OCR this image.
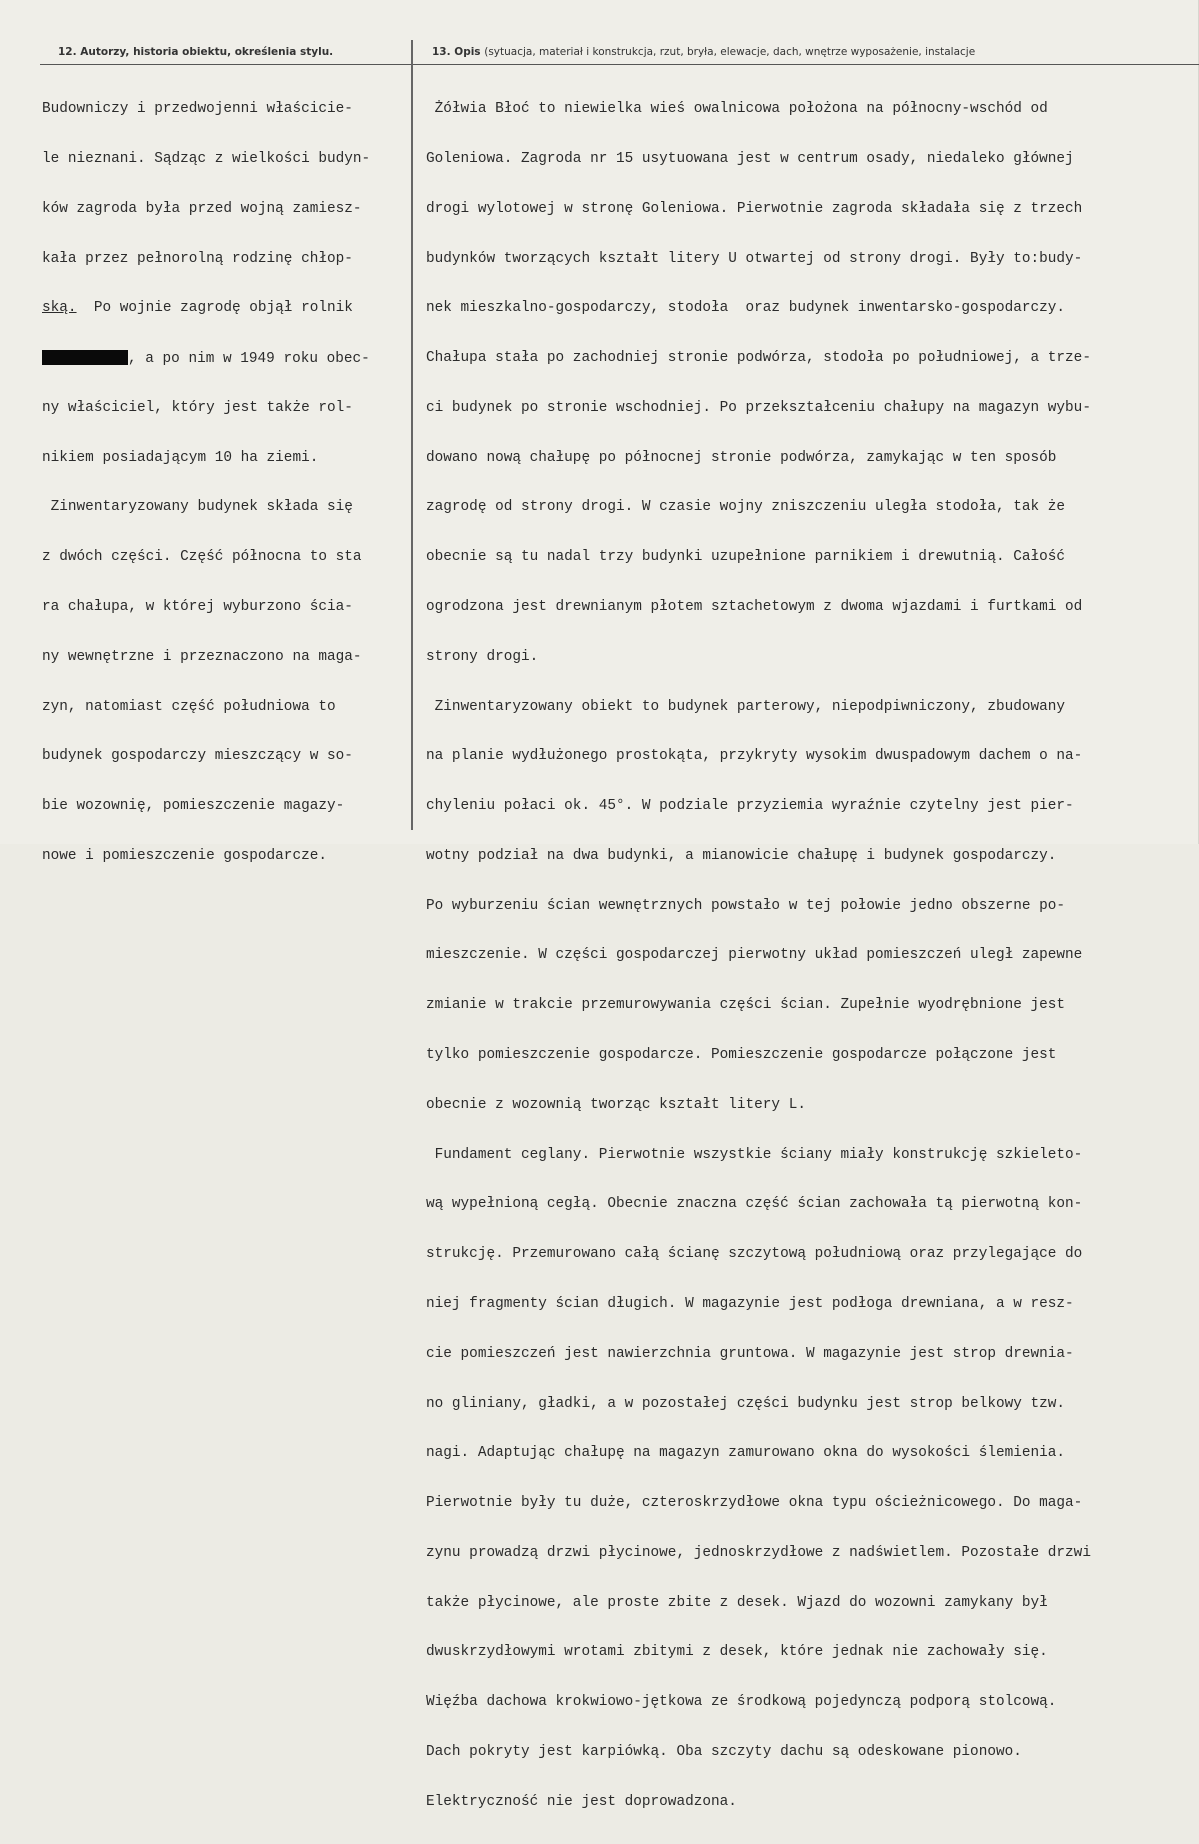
12. Autorzy, historia obiektu, określenia stylu.	13. Opis (sytuacja, materiał i konstrukcja, rzut, bryła, elewacje, dach, wnętrze wyposażenie, instalacje

Budowniczy i przedwojenni właściciе-

le nieznani. Sądząc z wielkości budyn-

ków zagroda była przed wojną zamiesz-

kała przez pełnorolną rodzinę chłop-

ską.  Po wojnie zagrodę objął rolnik

, a po nim w 1949 roku obec-

ny właściciel, który jest także rol-

nikiem posiadającym 10 ha ziemi.

Zinwentaryzowany budynek składa się

z dwóch części. Część północna to sta

ra chałupa, w której wyburzono ścia-

ny wewnętrzne i przeznaczono na maga-

zyn, natomiast część południowa to

budynek gospodarczy mieszczący w so-

bie wozownię, pomieszczenie magazy-

nowe i pomieszczenie gospodarcze.

Żółwia Błoć to niewielka wieś owalnicowa położona na północny-wschód od

Goleniowa. Zagroda nr 15 usytuowana jest w centrum osady, niedaleko głównej

drogi wylotowej w stronę Goleniowa. Pierwotnie zagroda składała się z trzech

budynków tworzących kształt litery U otwartej od strony drogi. Były to:budy-

nek mieszkalno-gospodarczy, stodoła  oraz budynek inwentarsko-gospodarczy.

Chałupa stała po zachodniej stronie podwórza, stodoła po południowej, a trze-

ci budynek po stronie wschodniej. Po przekształceniu chałupy na magazyn wybu-

dowano nową chałupę po północnej stronie podwórza, zamykając w ten sposób

zagrodę od strony drogi. W czasie wojny zniszczeniu uległa stodoła, tak że

obecnie są tu nadal trzy budynki uzupełnione parnikiem i drewutnią. Całość

ogrodzona jest drewnianym płotem sztachetowym z dwoma wjazdami i furtkami od

strony drogi.

Zinwentaryzowany obiekt to budynek parterowy, niepodpiwniczony, zbudowany

na planie wydłużonego prostokąta, przykryty wysokim dwuspadowym dachem o na-

chyleniu połaci ok. 45°. W podziale przyziemia wyraźnie czytelny jest pier-

wotny podział na dwa budynki, a mianowicie chałupę i budynek gospodarczy.

Po wyburzeniu ścian wewnętrznych powstało w tej połowie jedno obszerne po-

mieszczenie. W części gospodarczej pierwotny układ pomieszczeń uległ zapewne

zmianie w trakcie przemurowywania części ścian. Zupełnie wyodrębnione jest

tylko pomieszczenie gospodarcze. Pomieszczenie gospodarcze połączone jest

obecnie z wozownią tworząc kształt litery L.

Fundament ceglany. Pierwotnie wszystkie ściany miały konstrukcję szkieleto-

wą wypełnioną cegłą. Obecnie znaczna część ścian zachowała tą pierwotną kon-

strukcję. Przemurowano całą ścianę szczytową południową oraz przylegające do

niej fragmenty ścian długich. W magazynie jest podłoga drewniana, a w resz-

cie pomieszczeń jest nawierzchnia gruntowa. W magazynie jest strop drewnia-

no gliniany, gładki, a w pozostałej części budynku jest strop belkowy tzw.

nagi. Adaptując chałupę na magazyn zamurowano okna do wysokości ślemienia.

Pierwotnie były tu duże, czteroskrzydłowe okna typu ościeżnicowego. Do maga-

zynu prowadzą drzwi płycinowe, jednoskrzydłowe z nadświetlem. Pozostałe drzwi

także płycinowe, ale proste zbite z desek. Wjazd do wozowni zamykany był

dwuskrzydłowymi wrotami zbitymi z desek, które jednak nie zachowały się.

Więźba dachowa krokwiowo-jętkowa ze środkową pojedynczą podporą stolcową.

Dach pokryty jest karpiówką. Oba szczyty dachu są odeskowane pionowo.

Elektryczność nie jest doprowadzona.
